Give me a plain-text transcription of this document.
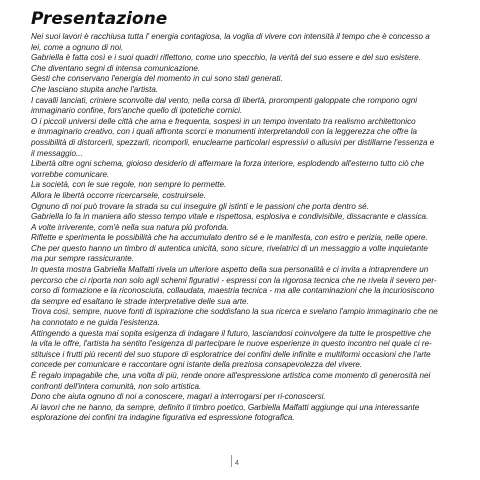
Presentazione
Nei suoi lavori è racchiusa tutta l' energia contagiosa, la voglia di vivere con intensità il tempo che è concesso a
lei, come a ognuno di noi.
Gabriella è fatta così e i suoi quadri riflettono, come uno specchio, la verità del suo essere e del suo esistere.
Che diventano segni di intensa comunicazione.
Gesti che conservano l'energia del momento in cui sono stati generati.
Che lasciano stupita anche l'artista.
I cavalli lanciati, criniere sconvolte dal vento, nella corsa di libertà, prorompenti galoppate che rompono ogni
immaginario confine, fors'anche quello di ipotetiche cornici.
O i piccoli universi delle città che ama e frequenta, sospesi in un tempo inventato tra realismo architettonico
e immaginario creativo, con i quali affronta scorci e monumenti interpretandoli con la leggerezza che offre la
possibilità di distorcerli, spezzarli, ricomporli, enuclearne particolari espressivi o allusivi per distillarne l'essenza e
il messaggio...
Libertà oltre ogni schema, gioioso desiderio di affermare la forza interiore, esplodendo all'esterno tutto ciò che
vorrebbe comunicare.
La società, con le sue regole, non sempre lo permette.
Allora le libertà occorre ricercarsele, costruirsele.
Ognuno di noi può trovare la strada su cui inseguire gli istinti e le passioni che porta dentro sé.
Gabriella lo fa in maniera allo stesso tempo vitale e rispettosa, esplosiva e condivisibile, dissacrante e classica.
A volte irriverente, com'è nella sua natura più profonda.
Riflette e sperimenta le possibilità che ha accumulato dentro sé e le manifesta, con estro e perizia, nelle opere.
Che per questo hanno un timbro di autentica unicità, sono sicure, rivelatrici di un messaggio a volte inquietante
ma pur sempre rassicurante.
In questa mostra Gabriella Malfatti rivela un ulteriore aspetto della sua personalità e ci invita a intraprendere un
percorso che ci riporta non solo agli schemi figurativi - espressi con la rigorosa tecnica che ne rivela il severo per-
corso di formazione e la riconosciuta, collaudata, maestria tecnica - ma alle contaminazioni che la incuriosiscono
da sempre ed esaltano le strade interpretative delle sua arte.
Trova così, sempre, nuove fonti di ispirazione che soddisfano la sua ricerca e svelano l'ampio immaginario che ne
ha connotato e ne guida l'esistenza.
Attingendo a questa mai sopita esigenza di indagare il futuro, lasciandosi coinvolgere da tutte le prospettive che
la vita le offre, l'artista ha sentito l'esigenza di partecipare le nuove esperienze in questo incontro nel quale ci re-
stituisce i frutti più recenti del suo stupore di esploratrice dei confini delle infinite e multiformi occasioni che l'arte
concede per comunicare e raccontare ogni istante della preziosa consapevolezza del vivere.
È regalo impagabile che, una volta di più, rende onore all'espressione artistica come momento di generosità nei
confronti dell'intera comunità, non solo artistica.
Dono che aiuta ognuno di noi a conoscere, magari a interrogarsi per ri-conoscersi.
Ai lavori che ne hanno, da sempre, definito il timbro poetico, Garbiella Malfatti aggiunge qui una interessante
esplorazione dei confini tra indagine figurativa ed espressione fotografica.
4
